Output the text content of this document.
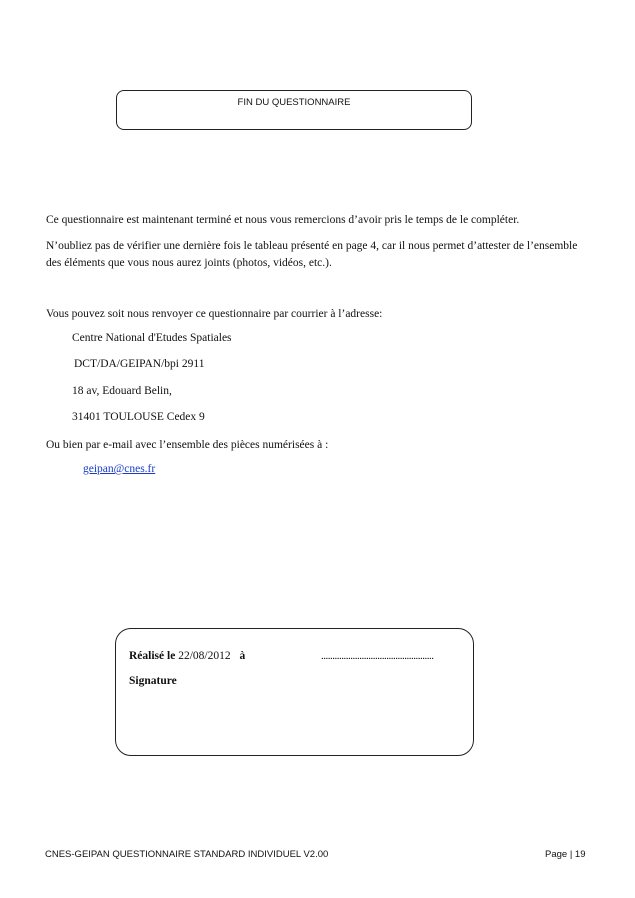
FIN DU QUESTIONNAIRE
Ce questionnaire est maintenant terminé et nous vous remercions d’avoir pris le temps de le compléter.
N’oubliez pas de vérifier une dernière fois le tableau présenté en page 4, car il nous permet d’attester de l’ensemble
des éléments que vous nous aurez joints (photos, vidéos, etc.).
Vous pouvez soit nous renvoyer ce questionnaire par courrier à l’adresse:
Centre National d'Etudes Spatiales
DCT/DA/GEIPAN/bpi 2911
18 av, Edouard Belin,
31401 TOULOUSE Cedex 9
Ou bien par e-mail avec l’ensemble des pièces numérisées à :
geipan@cnes.fr
Réalisé le 22/08/2012 à	..................................................
Signature
CNES-GEIPAN QUESTIONNAIRE STANDARD INDIVIDUEL V2.00	Page | 19
